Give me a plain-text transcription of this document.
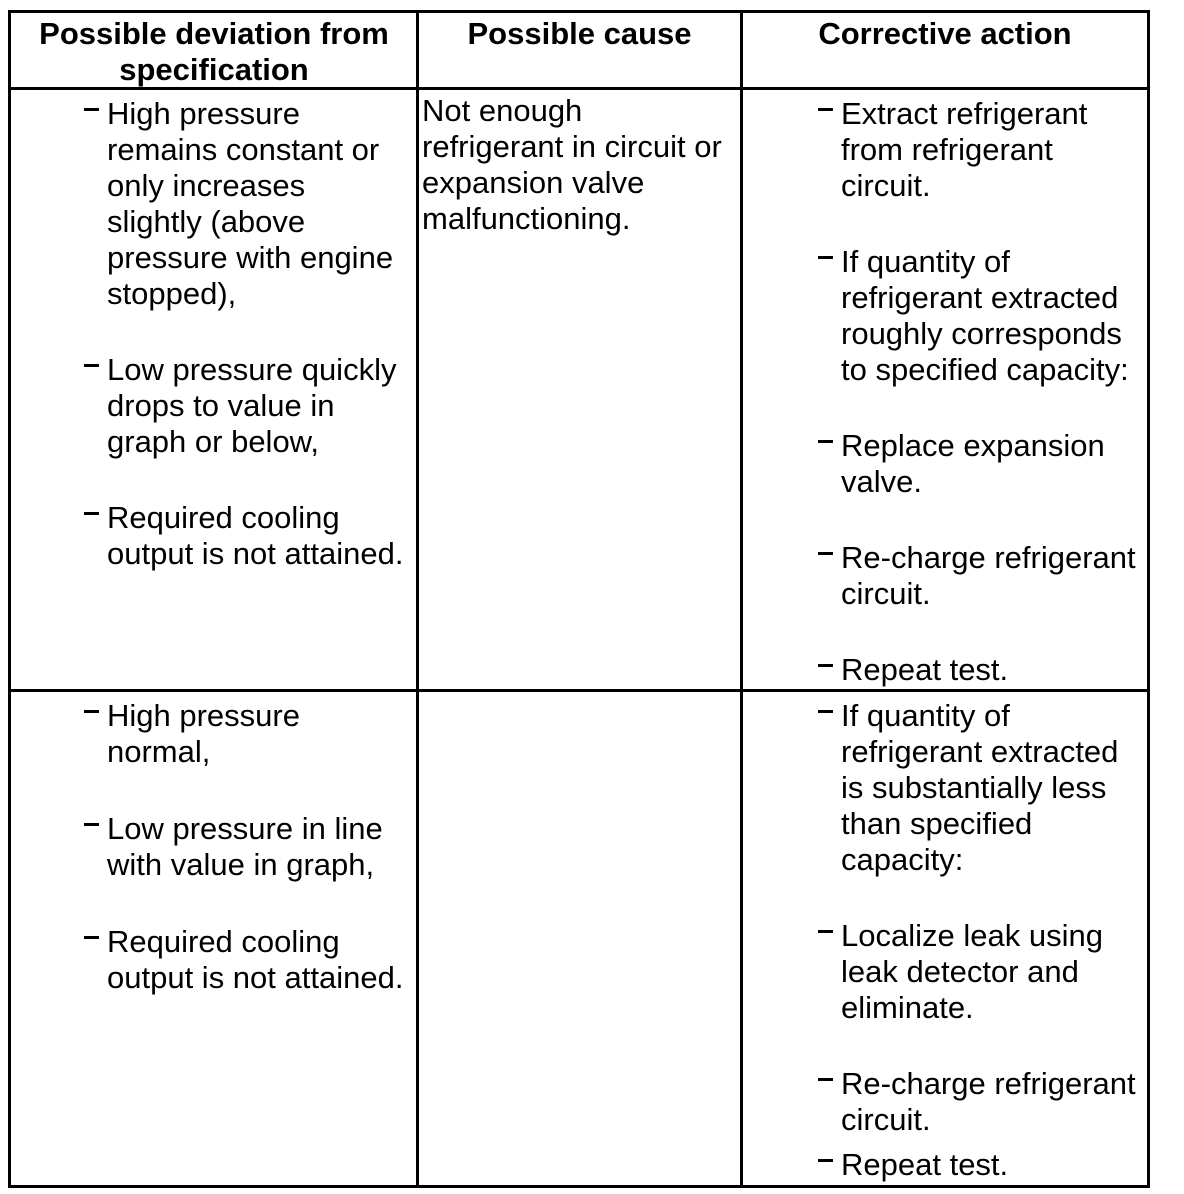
Possible deviation from
specification
Possible cause	Corrective action
High pressure
remains constant or
only increases
slightly (above
pressure with engine
stopped),
Low pressure quickly
drops to value in
graph or below,
Required cooling
output is not attained.
Not enough
refrigerant in circuit or
expansion valve
malfunctioning.
Extract refrigerant
from refrigerant
circuit.
If quantity of
refrigerant extracted
roughly corresponds
to specified capacity:
Replace expansion
valve.
Re-charge refrigerant
circuit.
Repeat test.
High pressure
normal,
Low pressure in line
with value in graph,
Required cooling
output is not attained.
If quantity of
refrigerant extracted
is substantially less
than specified
capacity:
Localize leak using
leak detector and
eliminate.
Re-charge refrigerant
circuit.
Repeat test.
